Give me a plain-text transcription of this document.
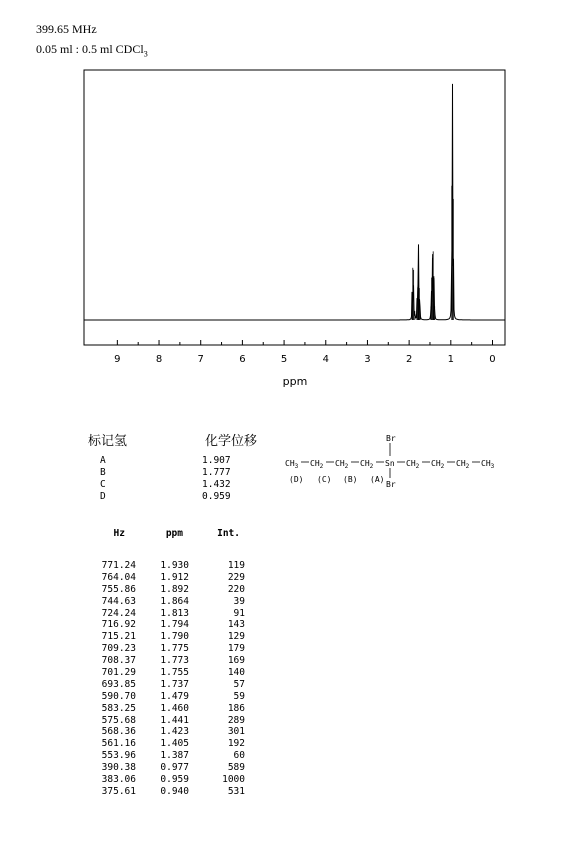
399.65 MHz
0.05 ml : 0.5 ml CDCl$_3$
9	8	7	6	5	4	3	2	1	0
ppm
标记氢	化学位移
A	1.907
B	1.777
C	1.432
D	0.959
$CH_3$ $CH_2$ $CH_2$ $CH_2$ Sn $CH_2$ $CH_2$ $CH_2$ $CH_3$
Br
Br
(D) (C) (B) (A)
Hz	ppm	Int.
771.24	1.930	119
764.04	1.912	229
755.86	1.892	220
744.63	1.864	39
724.24	1.813	91
716.92	1.794	143
715.21	1.790	129
709.23	1.775	179
708.37	1.773	169
701.29	1.755	140
693.85	1.737	57
590.70	1.479	59
583.25	1.460	186
575.68	1.441	289
568.36	1.423	301
561.16	1.405	192
553.96	1.387	60
390.38	0.977	589
383.06	0.959	1000
375.61	0.940	531
